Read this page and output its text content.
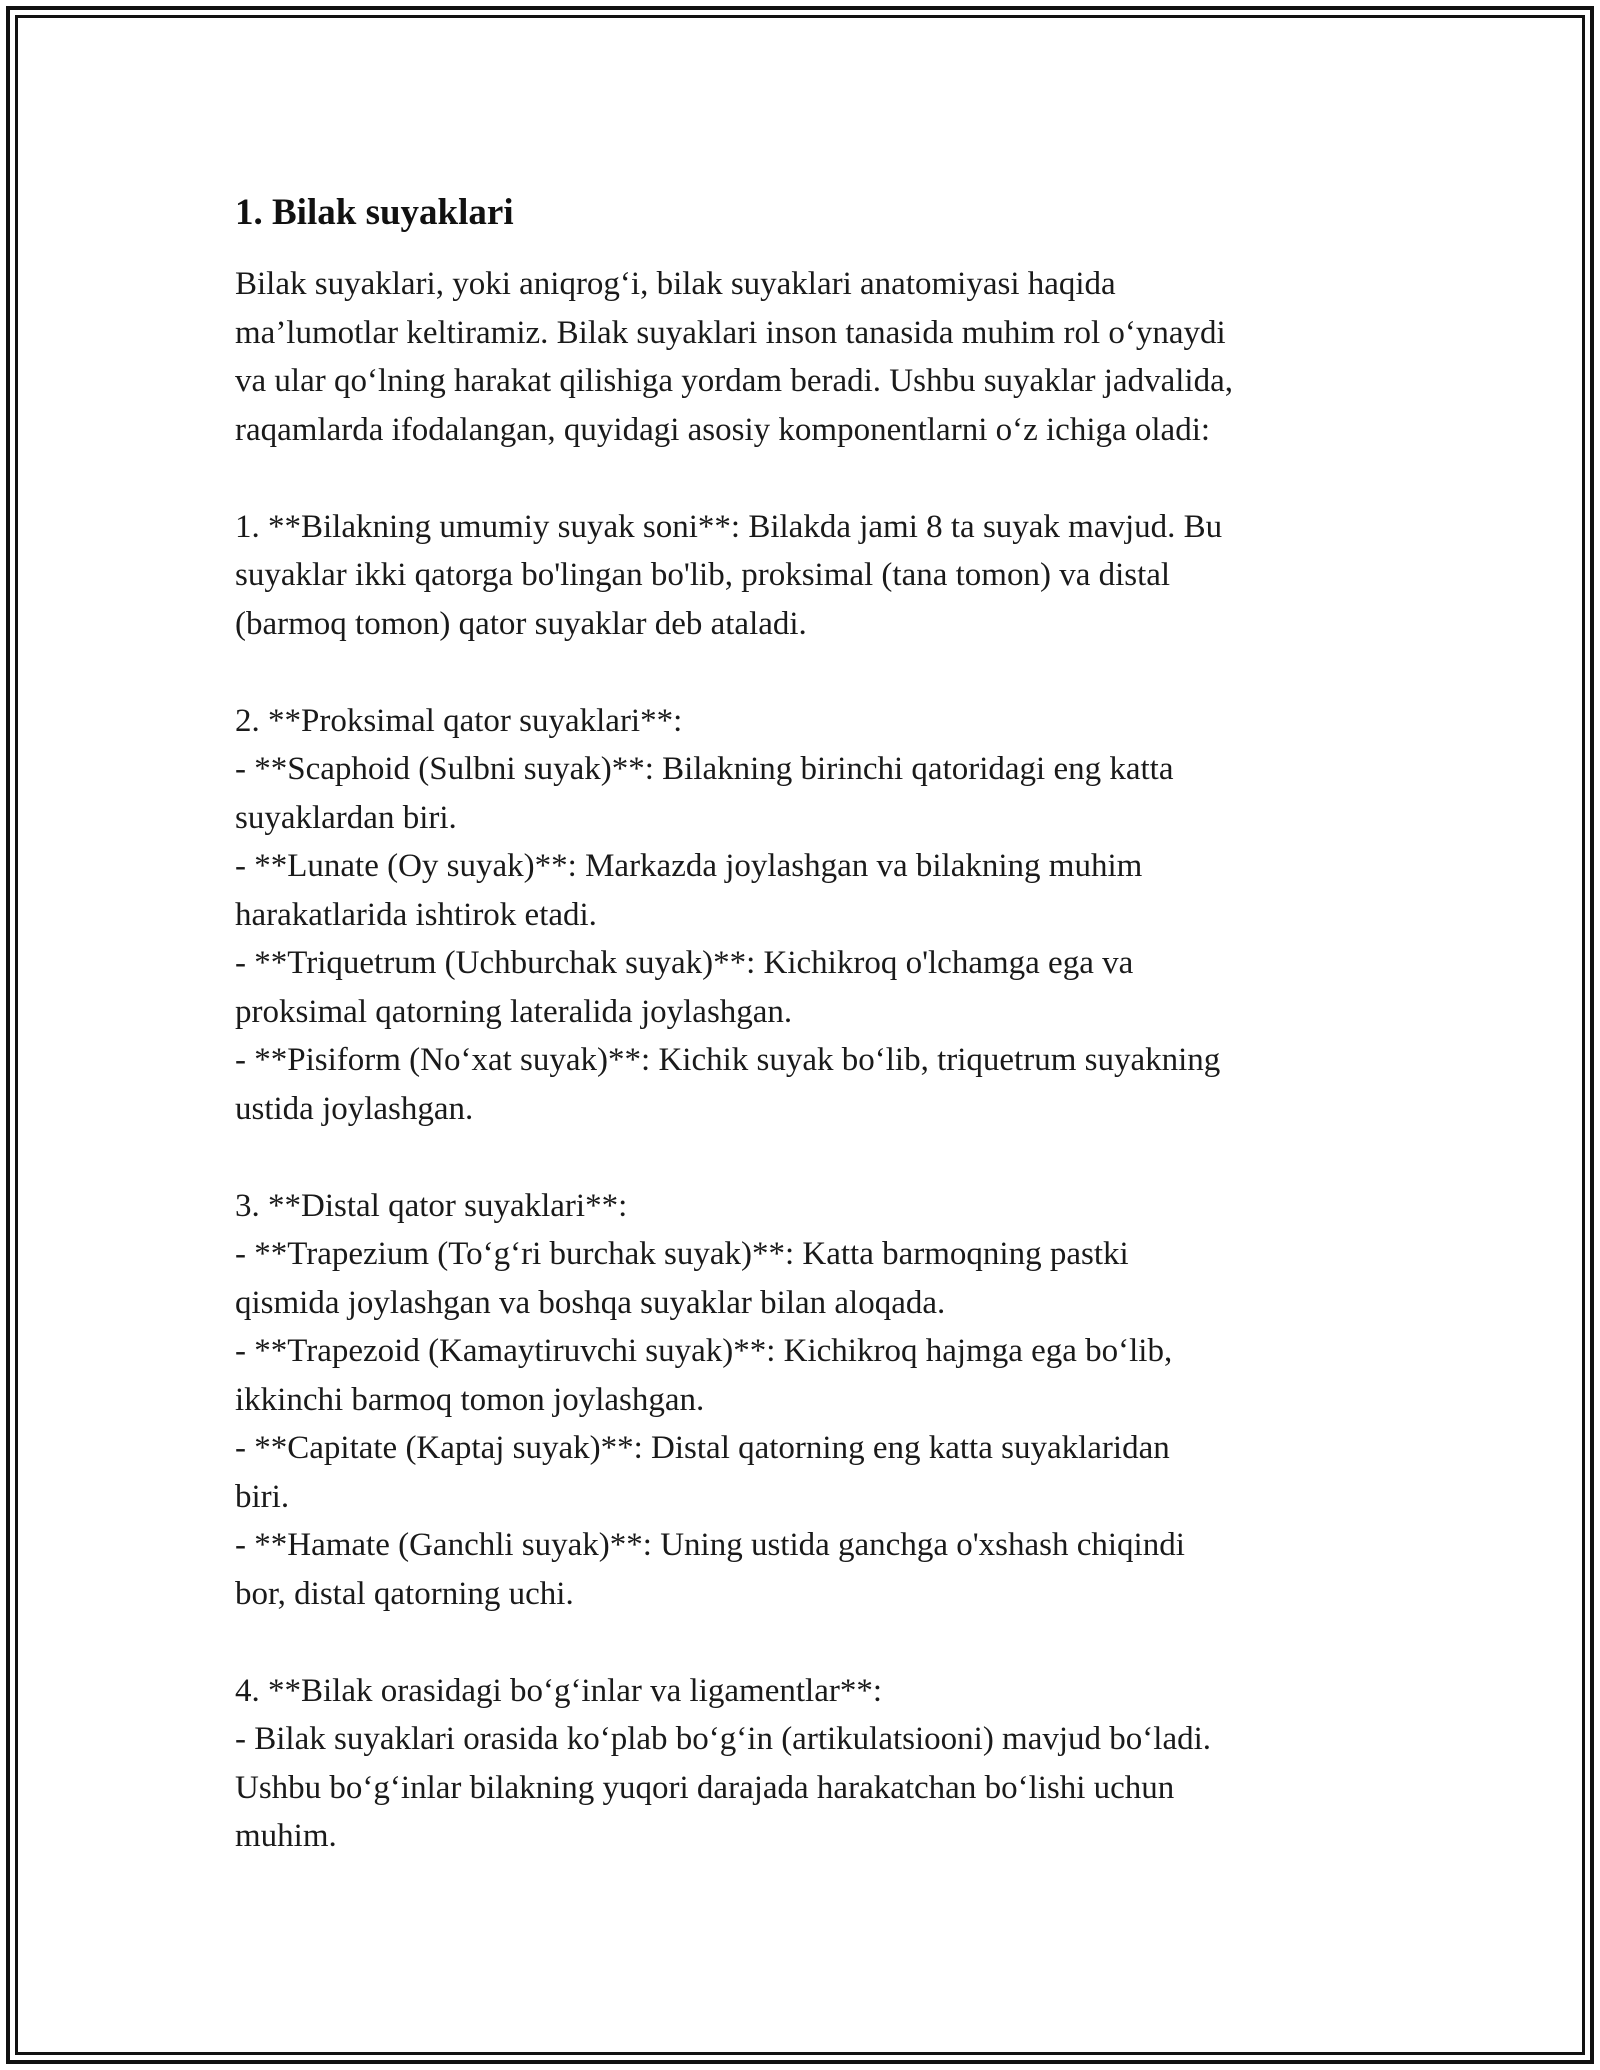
1. Bilak suyaklari

Bilak suyaklari, yoki aniqrog‘i, bilak suyaklari anatomiyasi haqida
ma’lumotlar keltiramiz. Bilak suyaklari inson tanasida muhim rol o‘ynaydi
va ular qo‘lning harakat qilishiga yordam beradi. Ushbu suyaklar jadvalida,
raqamlarda ifodalangan, quyidagi asosiy komponentlarni o‘z ichiga oladi:

1. **Bilakning umumiy suyak soni**: Bilakda jami 8 ta suyak mavjud. Bu
suyaklar ikki qatorga bo'lingan bo'lib, proksimal (tana tomon) va distal
(barmoq tomon) qator suyaklar deb ataladi.

2. **Proksimal qator suyaklari**:
- **Scaphoid (Sulbni suyak)**: Bilakning birinchi qatoridagi eng katta
suyaklardan biri.
- **Lunate (Oy suyak)**: Markazda joylashgan va bilakning muhim
harakatlarida ishtirok etadi.
- **Triquetrum (Uchburchak suyak)**: Kichikroq o'lchamga ega va
proksimal qatorning lateralida joylashgan.
- **Pisiform (No‘xat suyak)**: Kichik suyak bo‘lib, triquetrum suyakning
ustida joylashgan.

3. **Distal qator suyaklari**:
- **Trapezium (To‘g‘ri burchak suyak)**: Katta barmoqning pastki
qismida joylashgan va boshqa suyaklar bilan aloqada.
- **Trapezoid (Kamaytiruvchi suyak)**: Kichikroq hajmga ega bo‘lib,
ikkinchi barmoq tomon joylashgan.
- **Capitate (Kaptaj suyak)**: Distal qatorning eng katta suyaklaridan
biri.
- **Hamate (Ganchli suyak)**: Uning ustida ganchga o'xshash chiqindi
bor, distal qatorning uchi.

4. **Bilak orasidagi bo‘g‘inlar va ligamentlar**:
- Bilak suyaklari orasida ko‘plab bo‘g‘in (artikulatsiooni) mavjud bo‘ladi.
Ushbu bo‘g‘inlar bilakning yuqori darajada harakatchan bo‘lishi uchun
muhim.
